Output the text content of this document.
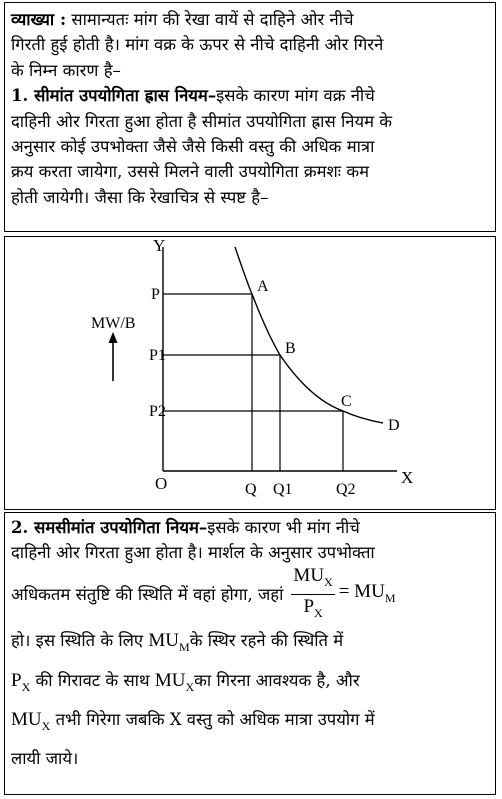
व्याख्या : सामान्यतः मांग की रेखा वायें से दाहिने ओर नीचे
गिरती हुई होती है। मांग वक्र के ऊपर से नीचे दाहिनी ओर गिरने
के निम्न कारण है–
1. सीमांत उपयोगिता ह्रास नियम–इसके कारण मांग वक्र नीचे
दाहिनी ओर गिरता हुआ होता है सीमांत उपयोगिता ह्रास नियम के
अनुसार कोई उपभोक्ता जैसे जैसे किसी वस्तु की अधिक मात्रा
क्रय करता जायेगा, उससे मिलने वाली उपयोगिता क्रमशः कम
होती जायेगी। जैसा कि रेखाचित्र से स्पष्ट है–
Y
X
O
MW/B
P
P1
P2
Q Q1	Q2
A
B
C
D
2. समसीमांत उपयोगिता नियम–इसके कारण भी मांग नीचे
दाहिनी ओर गिरता हुआ होता है। मार्शल के अनुसार उपभोक्ता
अधिकतम संतुष्टि की स्थिति में वहां होगा, जहां $\frac{MU_X}{P_X} = MU_M$
हो। इस स्थिति के लिए $MU_Mके$ स्थिर रहने की स्थिति में
$P_X$ की गिरावट के साथ $MU_Xका$ गिरना आवश्यक है, और
$MU_X$ तभी गिरेगा जबकि X वस्तु को अधिक मात्रा उपयोग में
लायी जाये।
